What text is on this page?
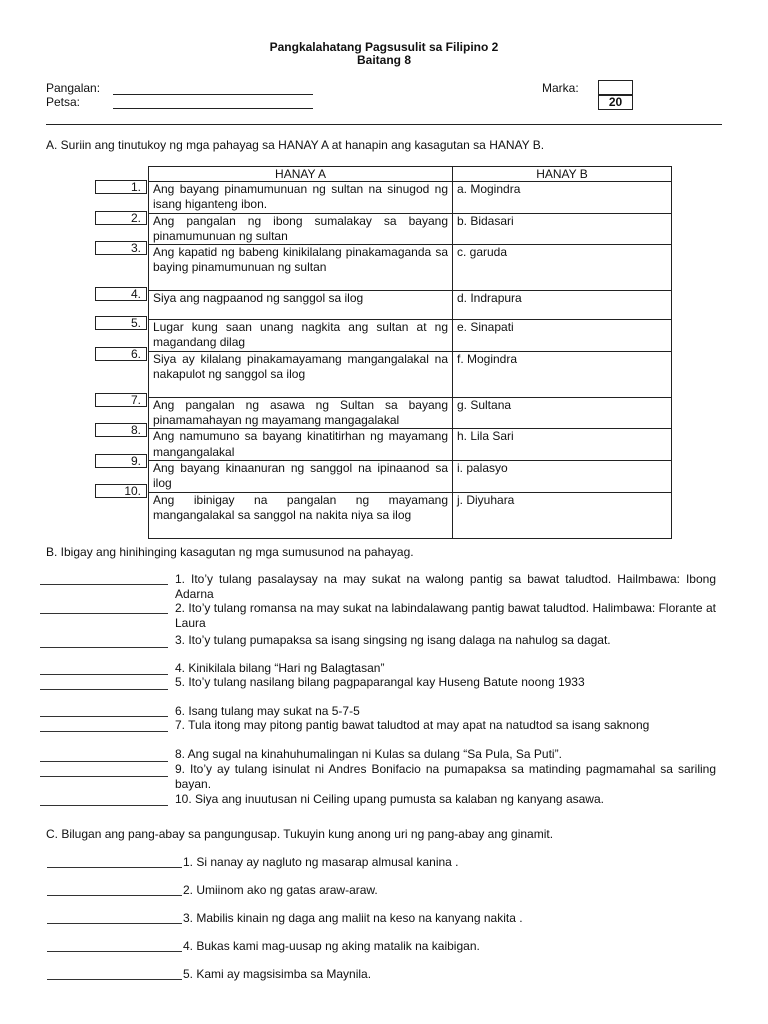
Pangkalahatang Pagsusulit sa Filipino 2
Baitang 8
Pangalan:
Petsa:
Marka:
20
A. Suriin ang tinutukoy ng mga pahayag sa HANAY A at hanapin ang kasagutan sa HANAY B.
HANAY A	HANAY B
Ang bayang pinamumunuan ng sultan na sinugod ng isang higanteng ibon.	a. Mogindra
Ang pangalan ng ibong sumalakay sa bayang pinamumunuan ng sultan	b. Bidasari
Ang kapatid ng babeng kinikilalang pinakamaganda sa baying pinamumunuan ng sultan	c. garuda
Siya ang nagpaanod ng sanggol sa ilog	d. Indrapura
Lugar kung saan unang nagkita ang sultan at ng magandang dilag	e. Sinapati
Siya ay kilalang pinakamayamang mangangalakal na nakapulot ng sanggol sa ilog	f. Mogindra
Ang pangalan ng asawa ng Sultan sa bayang pinamamahayan ng mayamang mangagalakal	g. Sultana
Ang namumuno sa bayang kinatitirhan ng mayamang mangangalakal	h. Lila Sari
Ang bayang kinaanuran ng sanggol na ipinaanod sa ilog	i. palasyo
Ang ibinigay na pangalan ng mayamang mangangalakal sa sanggol na nakita niya sa ilog	j. Diyuhara
1.
2.
3.
4.
5.
6.
7.
8.
9.
10.
B. Ibigay ang hinihinging kasagutan ng mga sumusunod na pahayag.
1. Ito’y tulang pasalaysay na may sukat na walong pantig sa bawat taludtod. Hailmbawa: Ibong Adarna
2. Ito’y tulang romansa na may sukat na labindalawang pantig bawat taludtod. Halimbawa: Florante at Laura
3. Ito’y tulang pumapaksa sa isang singsing ng isang dalaga na nahulog sa dagat.
4. Kinikilala bilang “Hari ng Balagtasan”
5. Ito’y tulang nasilang bilang pagpaparangal kay Huseng Batute noong 1933
6. Isang tulang may sukat na 5-7-5
7. Tula itong may pitong pantig bawat taludtod at may apat na natudtod sa isang saknong
8. Ang sugal na kinahuhumalingan ni Kulas sa dulang “Sa Pula, Sa Puti”.
9. Ito’y ay tulang isinulat ni Andres Bonifacio na pumapaksa sa matinding pagmamahal sa sariling bayan.
10. Siya ang inuutusan ni Ceiling upang pumusta sa kalaban ng kanyang asawa.
C. Bilugan ang pang-abay sa pangungusap. Tukuyin kung anong uri ng pang-abay ang ginamit.
1. Si nanay ay nagluto ng masarap almusal kanina .
2. Umiinom ako ng gatas araw-araw.
3. Mabilis kinain ng daga ang maliit na keso na kanyang nakita .
4. Bukas kami mag-uusap ng aking matalik na kaibigan.
5. Kami ay magsisimba sa Maynila.
